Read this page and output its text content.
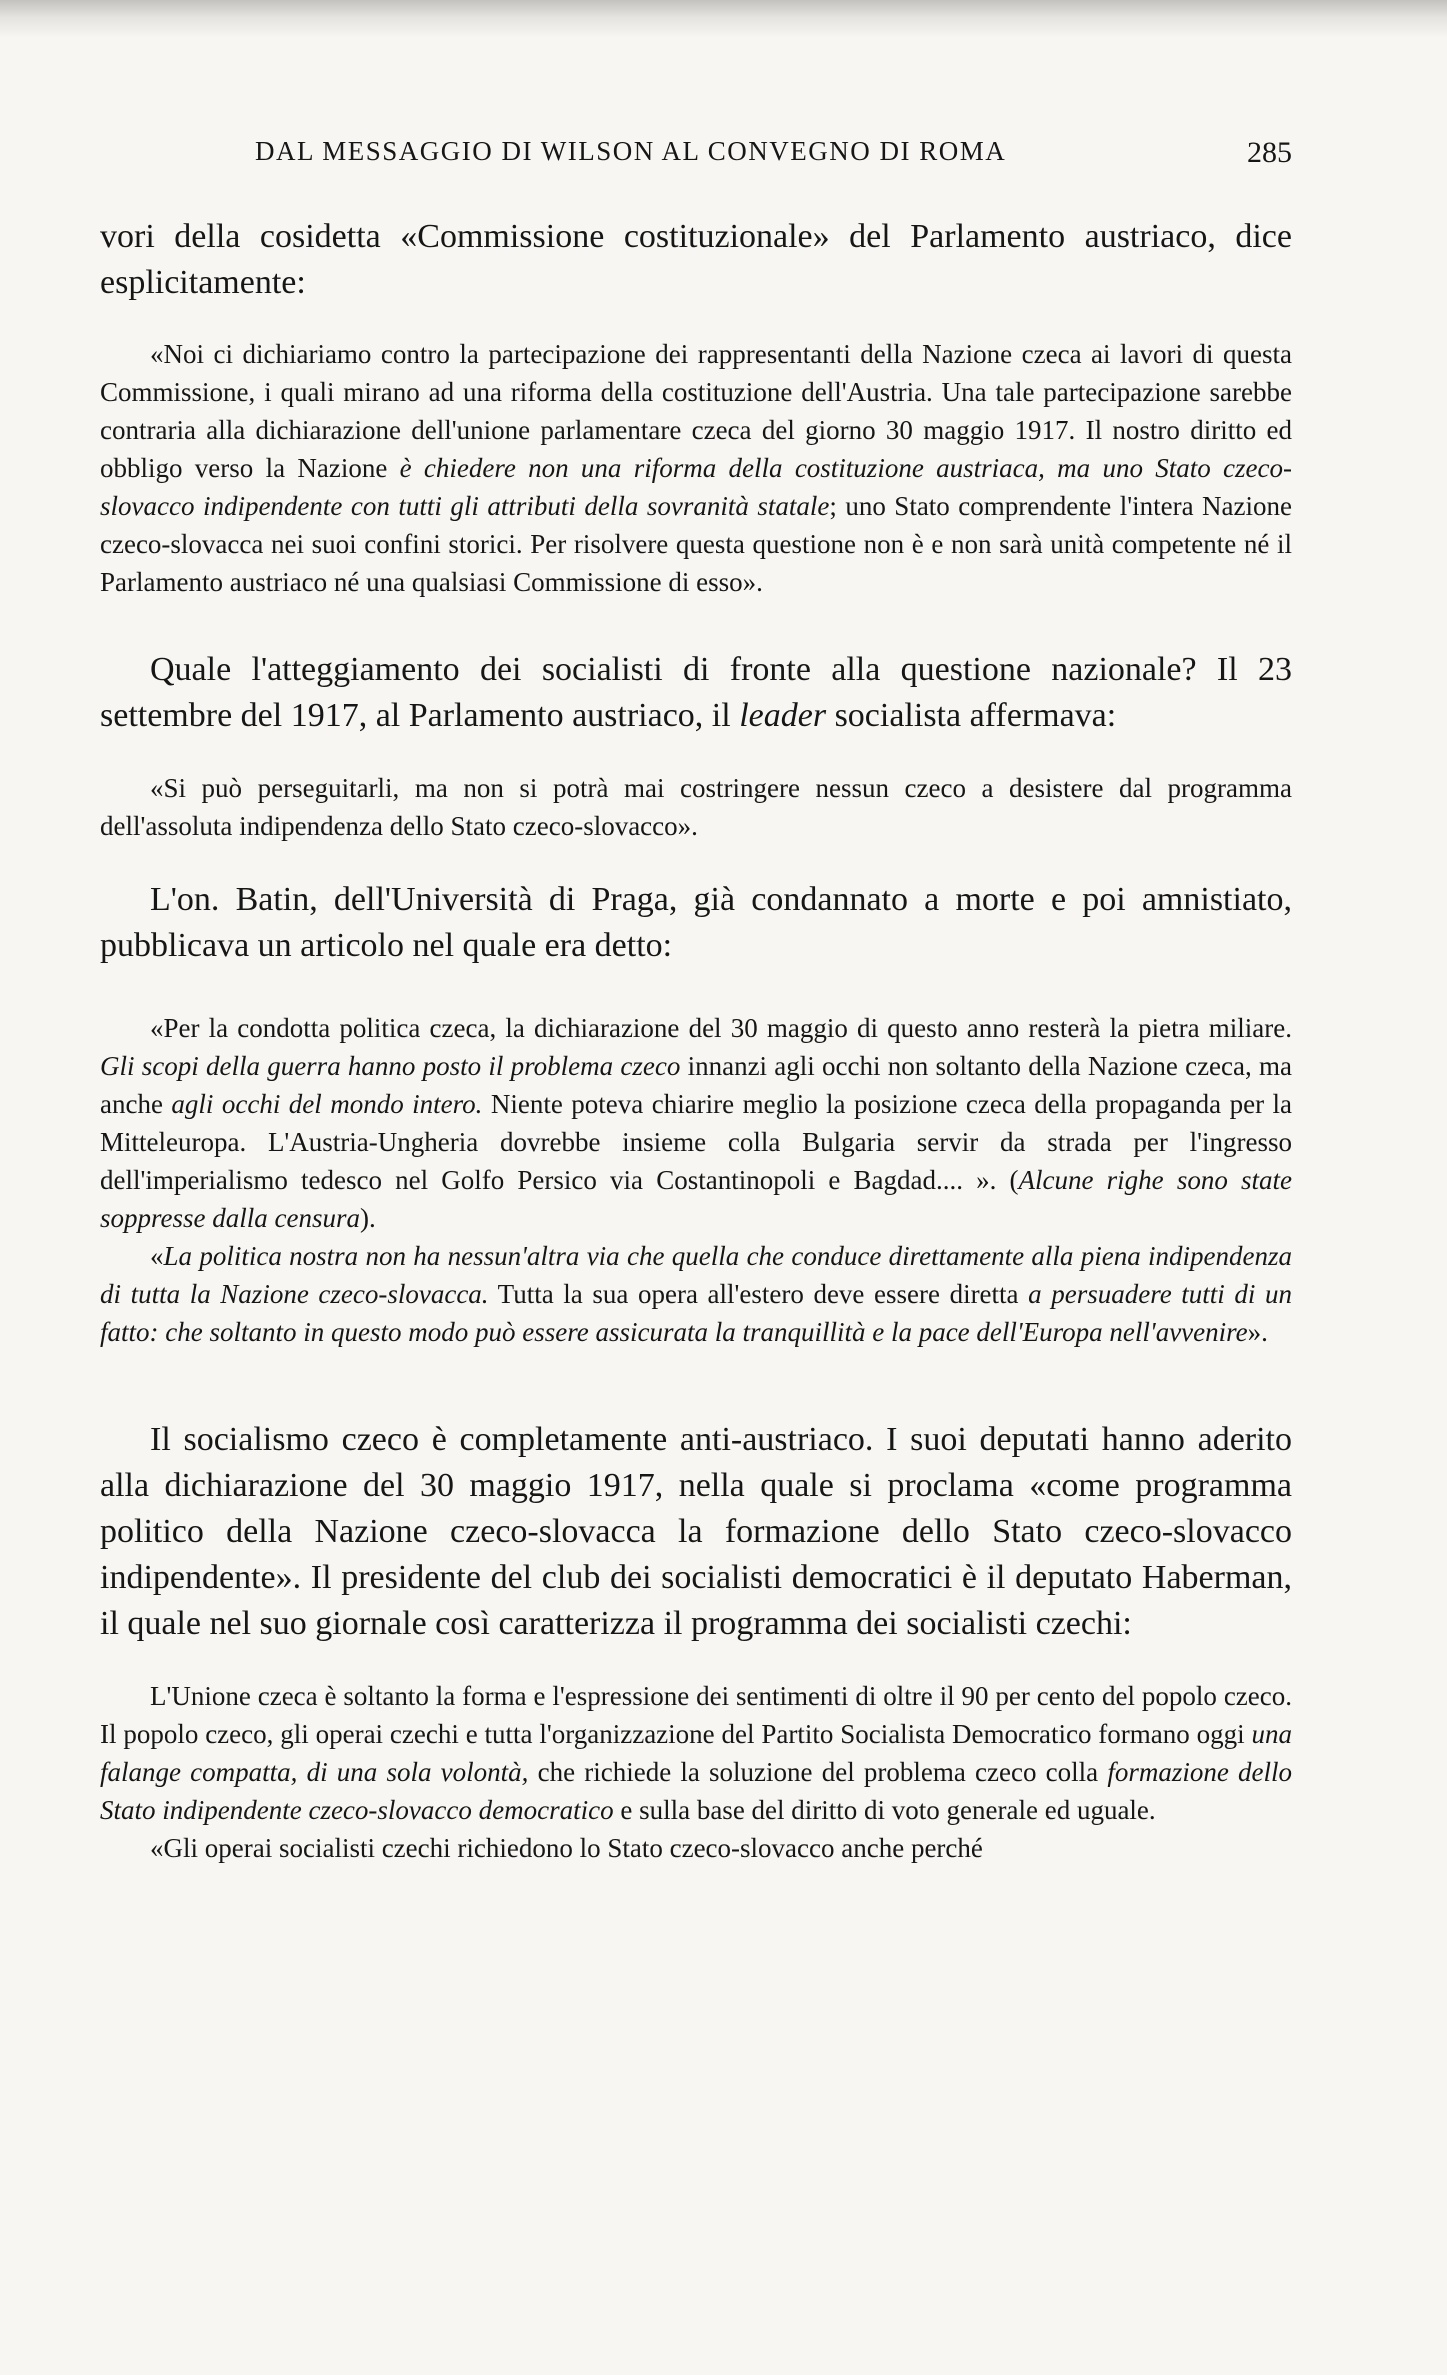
DAL MESSAGGIO DI WILSON AL CONVEGNO DI ROMA	285

vori della cosidetta «Commissione costituzionale» del Parlamento austriaco, dice esplicitamente:

«Noi ci dichiariamo contro la partecipazione dei rappresentanti della Nazione czeca ai lavori di questa Commissione, i quali mirano ad una riforma della costituzione dell'Austria. Una tale partecipazione sarebbe contraria alla dichiarazione dell'unione parlamentare czeca del giorno 30 maggio 1917. Il nostro diritto ed obbligo verso la Nazione è chiedere non una riforma della costituzione austriaca, ma uno Stato czeco-slovacco indipendente con tutti gli attributi della sovranità statale; uno Stato comprendente l'intera Nazione czeco-slovacca nei suoi confini storici. Per risolvere questa questione non è e non sarà unità competente né il Parlamento austriaco né una qualsiasi Commissione di esso».

Quale l'atteggiamento dei socialisti di fronte alla questione nazionale? Il 23 settembre del 1917, al Parlamento austriaco, il leader socialista affermava:

«Si può perseguitarli, ma non si potrà mai costringere nessun czeco a desistere dal programma dell'assoluta indipendenza dello Stato czeco-slovacco».

L'on. Batin, dell'Università di Praga, già condannato a morte e poi amnistiato, pubblicava un articolo nel quale era detto:

«Per la condotta politica czeca, la dichiarazione del 30 maggio di questo anno resterà la pietra miliare. Gli scopi della guerra hanno posto il problema czeco innanzi agli occhi non soltanto della Nazione czeca, ma anche agli occhi del mondo intero. Niente poteva chiarire meglio la posizione czeca della propaganda per la Mitteleuropa. L'Austria-Ungheria dovrebbe insieme colla Bulgaria servir da strada per l'ingresso dell'imperialismo tedesco nel Golfo Persico via Costantinopoli e Bagdad.... ». (Alcune righe sono state soppresse dalla censura).

«La politica nostra non ha nessun'altra via che quella che conduce direttamente alla piena indipendenza di tutta la Nazione czeco-slovacca. Tutta la sua opera all'estero deve essere diretta a persuadere tutti di un fatto: che soltanto in questo modo può essere assicurata la tranquillità e la pace dell'Europa nell'avvenire».

Il socialismo czeco è completamente anti-austriaco. I suoi deputati hanno aderito alla dichiarazione del 30 maggio 1917, nella quale si proclama «come programma politico della Nazione czeco-slovacca la formazione dello Stato czeco-slovacco indipendente». Il presidente del club dei socialisti democratici è il deputato Haberman, il quale nel suo giornale così caratterizza il programma dei socialisti czechi:

L'Unione czeca è soltanto la forma e l'espressione dei sentimenti di oltre il 90 per cento del popolo czeco. Il popolo czeco, gli operai czechi e tutta l'organizzazione del Partito Socialista Democratico formano oggi una falange compatta, di una sola volontà, che richiede la soluzione del problema czeco colla formazione dello Stato indipendente czeco-slovacco democratico e sulla base del diritto di voto generale ed uguale.

«Gli operai socialisti czechi richiedono lo Stato czeco-slovacco anche perché
